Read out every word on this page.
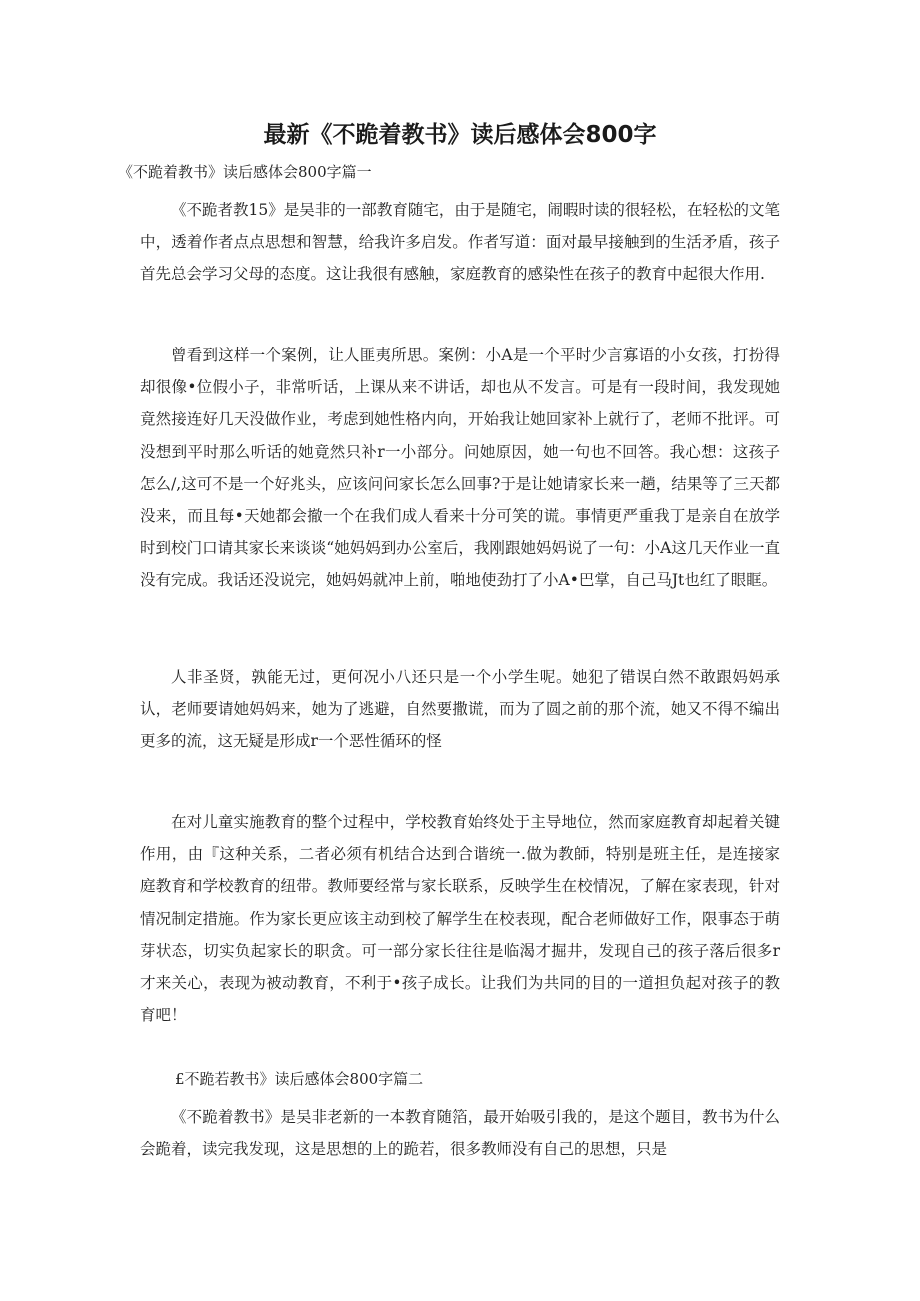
最新《不跪着教书》读后感体会800字

《不跪着教书》读后感体会800字篇一

《不跪者教15》是吴非的一部教育随宅，由于是随宅，闹暇时读的很轻松，在轻松的文笔中，透着作者点点思想和智慧，给我许多启发。作者写道：面对最早接触到的生活矛盾，孩子首先总会学习父母的态度。这让我很有感触，家庭教育的感染性在孩子的教育中起很大作用.

曾看到这样一个案例，让人匪夷所思。案例：小A是一个平时少言寡语的小女孩，打扮得却很像•位假小子，非常听话，上课从来不讲话，却也从不发言。可是有一段时间，我发现她竟然接连好几天没做作业，考虑到她性格内向，开始我让她回家补上就行了，老师不批评。可没想到平时那么听话的她竟然只补r一小部分。问她原因，她一句也不回答。我心想：这孩子怎么/,这可不是一个好兆头，应该问问家长怎么回事?于是让她请家长来一趟，结果等了三天都没来，而且每•天她都会撤一个在我们成人看来十分可笑的谎。事情更严重我丁是亲自在放学时到校门口请其家长来谈谈“她妈妈到办公室后，我刚跟她妈妈说了一句：小A这几天作业一直没有完成。我话还没说完，她妈妈就冲上前，啪地使劲打了小A•巴掌，自己马Jt也红了眼眶。

人非圣贤，孰能无过，更何况小八还只是一个小学生呢。她犯了错误白然不敢跟妈妈承认，老师要请她妈妈来，她为了逃避，自然要撒谎，而为了圆之前的那个流，她又不得不编出更多的流，这无疑是形成r一个恶性循环的怪

在对儿童实施教育的整个过程中，学校教育始终处于主导地位，然而家庭教育却起着关键作用，由『这种关系，二者必须有机结合达到合谐统一.做为教師，特别是班主任，是连接家庭教育和学校教育的纽带。教师要经常与家长联系，反映学生在校情况，了解在家表现，针对情况制定措施。作为家长更应该主动到校了解学生在校表现，配合老师做好工作，限事态于萌芽状态，切实负起家长的职贪。可一部分家长往往是临渴才掘井，发现自己的孩子落后很多r才来关心，表现为被动教育，不利于•孩子成长。让我们为共同的目的一道担负起对孩子的教育吧！

£不跪若教书》读后感体会800字篇二

《不跪着教书》是吴非老新的一本教育随箔，最开始吸引我的，是这个题目，教书为什么会跪着，读完我发现，这是思想的上的跪若，很多教师没有自己的思想，只是
